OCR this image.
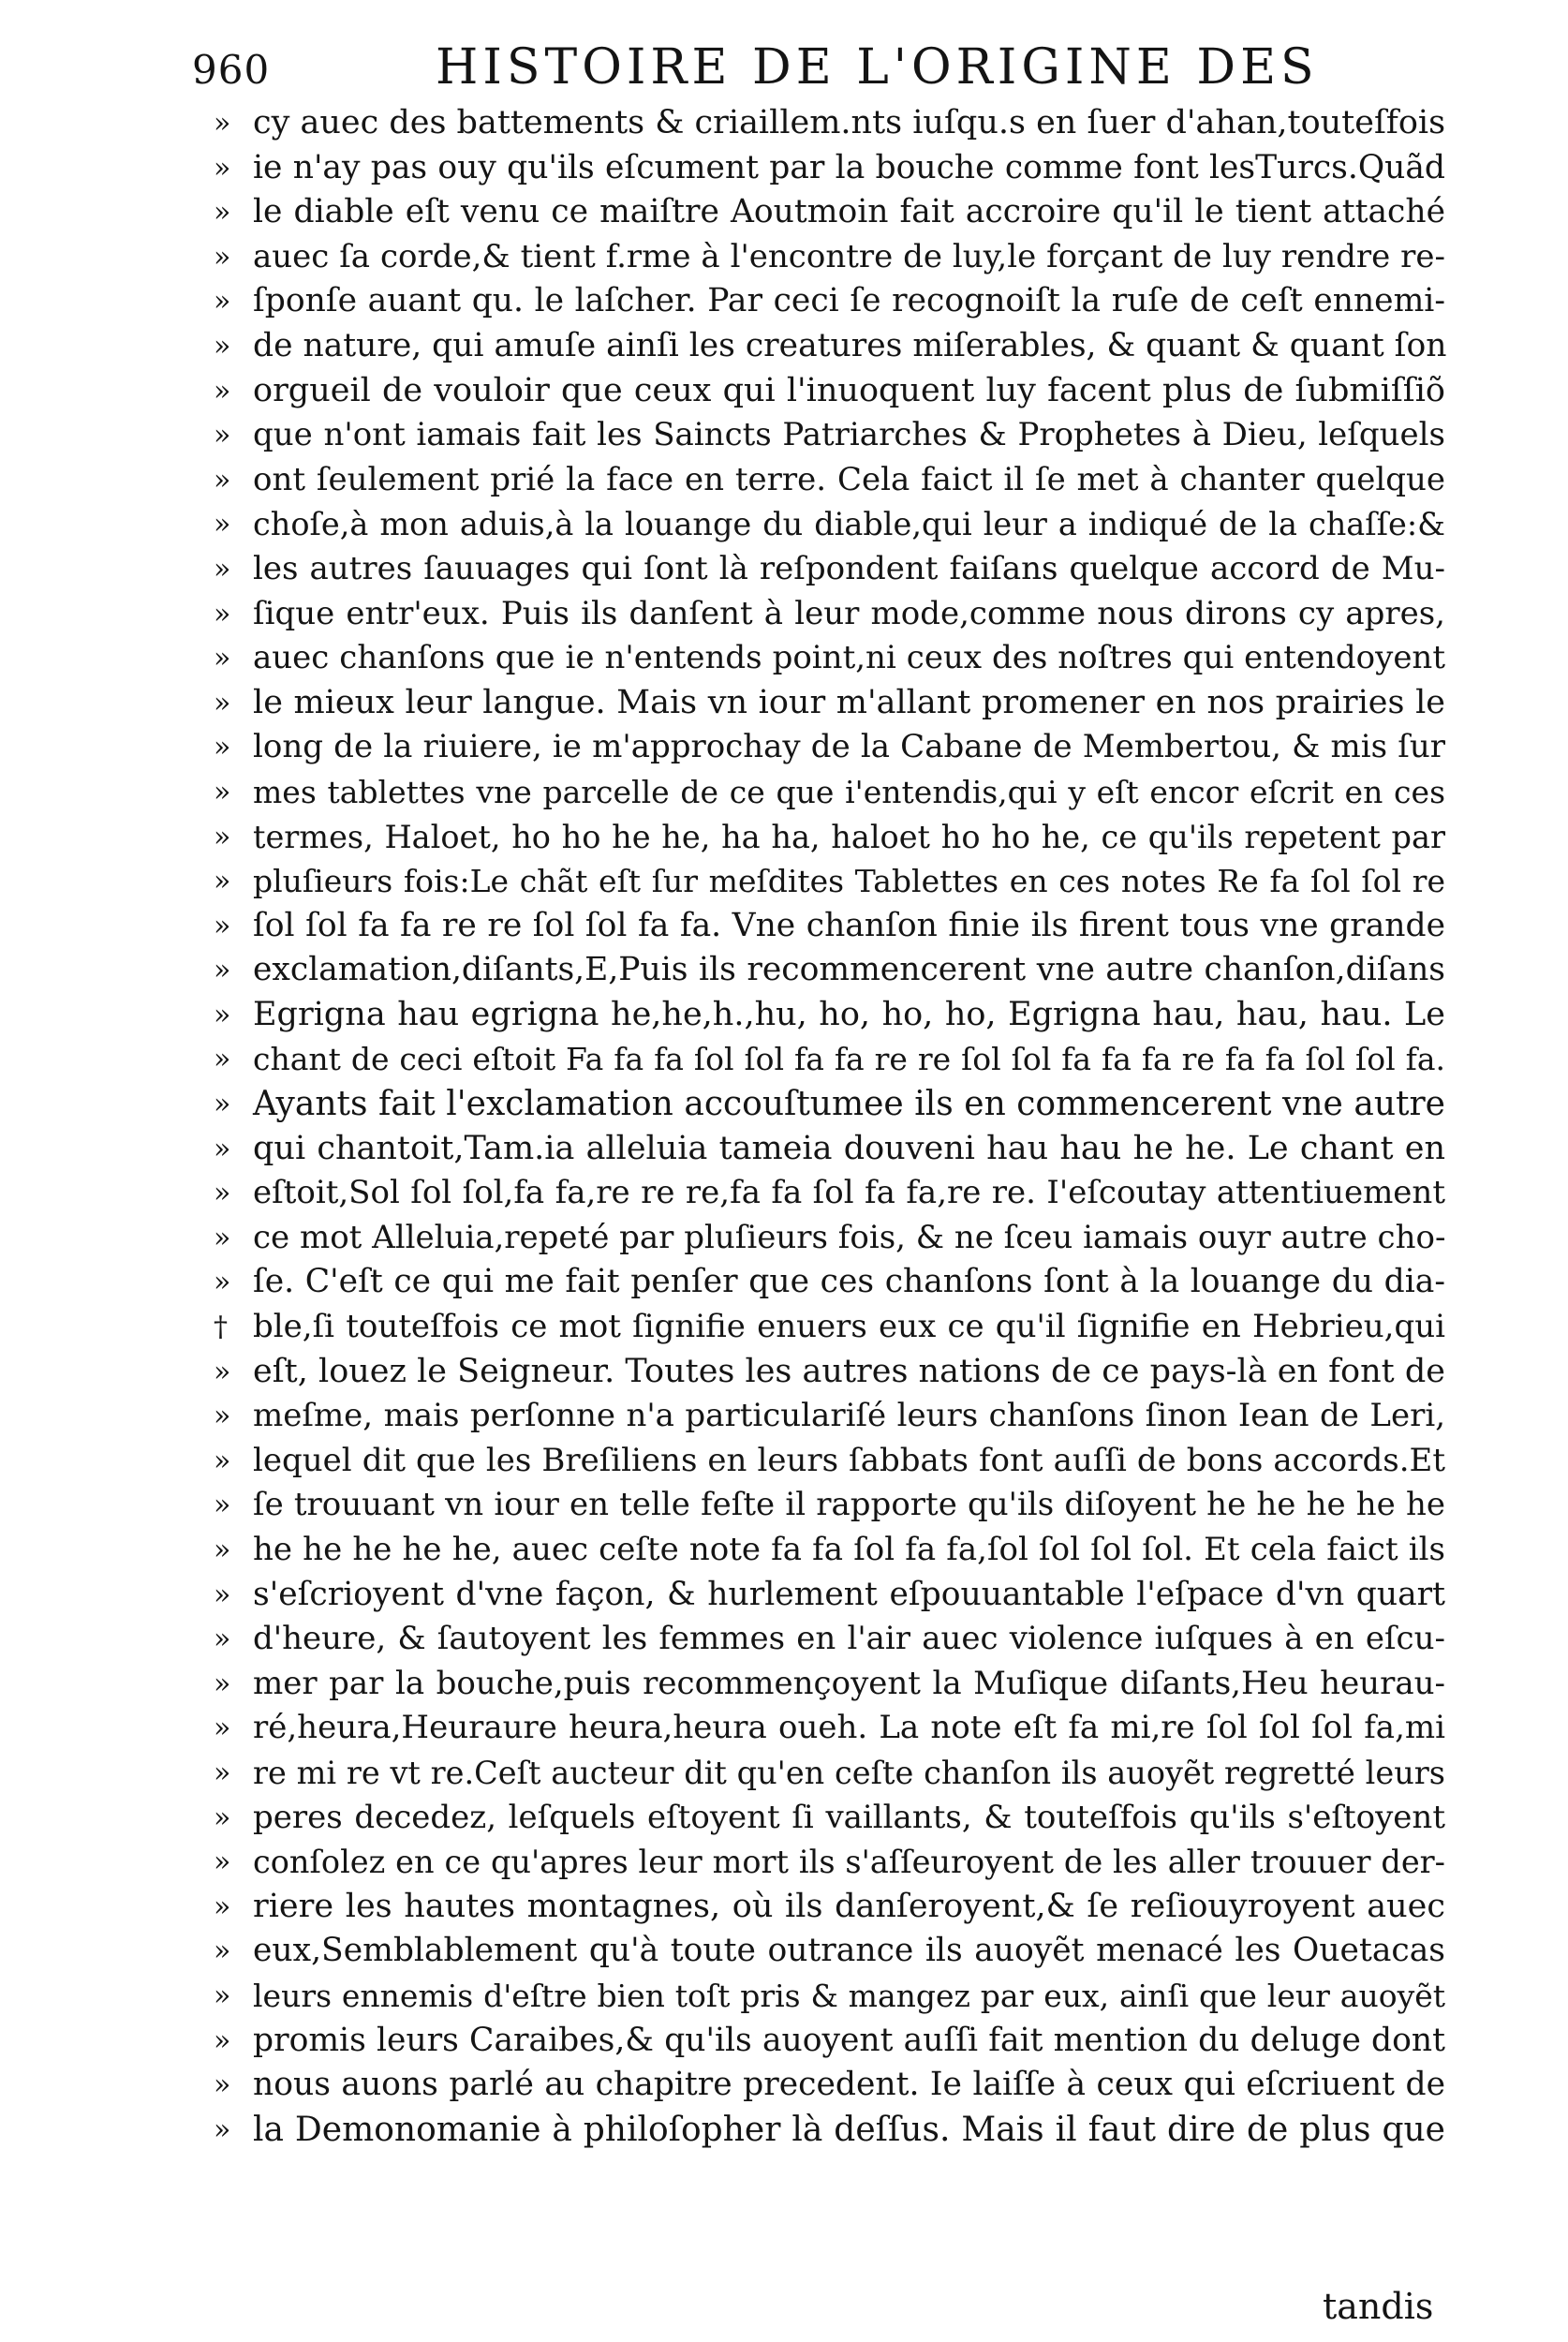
960	HISTOIRE DE L'ORIGINE DES
» cy auec des battements & criaillem.nts iuſqu.s en ſuer d'ahan,touteſfois
» ie n'ay pas ouy qu'ils eſcument par la bouche comme font lesTurcs.Quãd
» le diable eſt venu ce maiſtre Aoutmoin fait accroire qu'il le tient attaché
» auec ſa corde,& tient f.rme à l'encontre de luy,le forçant de luy rendre re-
» ſponſe auant qu. le laſcher. Par ceci ſe recognoiſt la ruſe de ceſt ennemi-
» de nature, qui amuſe ainſi les creatures miſerables, & quant & quant ſon
» orgueil de vouloir que ceux qui l'inuoquent luy facent plus de ſubmiſſiõ
» que n'ont iamais fait les Saincts Patriarches & Prophetes à Dieu, leſquels
» ont ſeulement prié la face en terre. Cela faict il ſe met à chanter quelque
» choſe,à mon aduis,à la louange du diable,qui leur a indiqué de la chaſſe:&
» les autres ſauuages qui ſont là reſpondent faiſans quelque accord de Mu-
» ſique entr'eux. Puis ils danſent à leur mode,comme nous dirons cy apres,
» auec chanſons que ie n'entends point,ni ceux des noſtres qui entendoyent
» le mieux leur langue. Mais vn iour m'allant promener en nos prairies le
» long de la riuiere, ie m'approchay de la Cabane de Membertou, & mis ſur
» mes tablettes vne parcelle de ce que i'entendis,qui y eſt encor eſcrit en ces
» termes, Haloet, ho ho he he, ha ha, haloet ho ho he, ce qu'ils repetent par
» pluſieurs fois:Le chãt eſt ſur meſdites Tablettes en ces notes Re fa ſol ſol re
» ſol ſol fa fa re re ſol ſol fa fa. Vne chanſon finie ils firent tous vne grande
» exclamation,diſants,E,Puis ils recommencerent vne autre chanſon,diſans
» Egrigna hau egrigna he,he,h.,hu, ho, ho, ho, Egrigna hau, hau, hau. Le
» chant de ceci eſtoit Fa fa fa ſol ſol fa fa re re ſol ſol fa fa fa re fa fa ſol ſol fa.
» Ayants fait l'exclamation accouſtumee ils en commencerent vne autre
» qui chantoit,Tam.ia alleluia tameia douveni hau hau he he. Le chant en
» eſtoit,Sol ſol ſol,fa fa,re re re,fa fa ſol fa fa,re re. I'eſcoutay attentiuement
» ce mot Alleluia,repeté par pluſieurs fois, & ne ſceu iamais ouyr autre cho-
» ſe. C'eſt ce qui me fait penſer que ces chanſons ſont à la louange du dia-
† ble,ſi touteſfois ce mot ſignifie enuers eux ce qu'il ſignifie en Hebrieu,qui
» eſt, louez le Seigneur. Toutes les autres nations de ce pays-là en font de
» meſme, mais perſonne n'a particulariſé leurs chanſons ſinon Iean de Leri,
» lequel dit que les Breſiliens en leurs ſabbats font auſſi de bons accords.Et
» ſe trouuant vn iour en telle feſte il rapporte qu'ils diſoyent he he he he he
» he he he he he, auec ceſte note fa fa ſol fa fa,ſol ſol ſol ſol. Et cela faict ils
» s'eſcrioyent d'vne façon, & hurlement eſpouuantable l'eſpace d'vn quart
» d'heure, & ſautoyent les femmes en l'air auec violence iuſques à en eſcu-
» mer par la bouche,puis recommençoyent la Muſique diſants,Heu heurau-
» ré,heura,Heuraure heura,heura oueh. La note eſt fa mi,re ſol ſol ſol fa,mi
» re mi re vt re.Ceſt aucteur dit qu'en ceſte chanſon ils auoyẽt regretté leurs
» peres decedez, leſquels eſtoyent ſi vaillants, & touteſfois qu'ils s'eſtoyent
» conſolez en ce qu'apres leur mort ils s'aſſeuroyent de les aller trouuer der-
» riere les hautes montagnes, où ils danſeroyent,& ſe reſiouyroyent auec
» eux,Semblablement qu'à toute outrance ils auoyẽt menacé les Ouetacas
» leurs ennemis d'eſtre bien toſt pris & mangez par eux, ainſi que leur auoyẽt
» promis leurs Caraibes,& qu'ils auoyent auſſi fait mention du deluge dont
» nous auons parlé au chapitre precedent. Ie laiſſe à ceux qui eſcriuent de
» la Demonomanie à philoſopher là deſſus. Mais il faut dire de plus que
tandis
